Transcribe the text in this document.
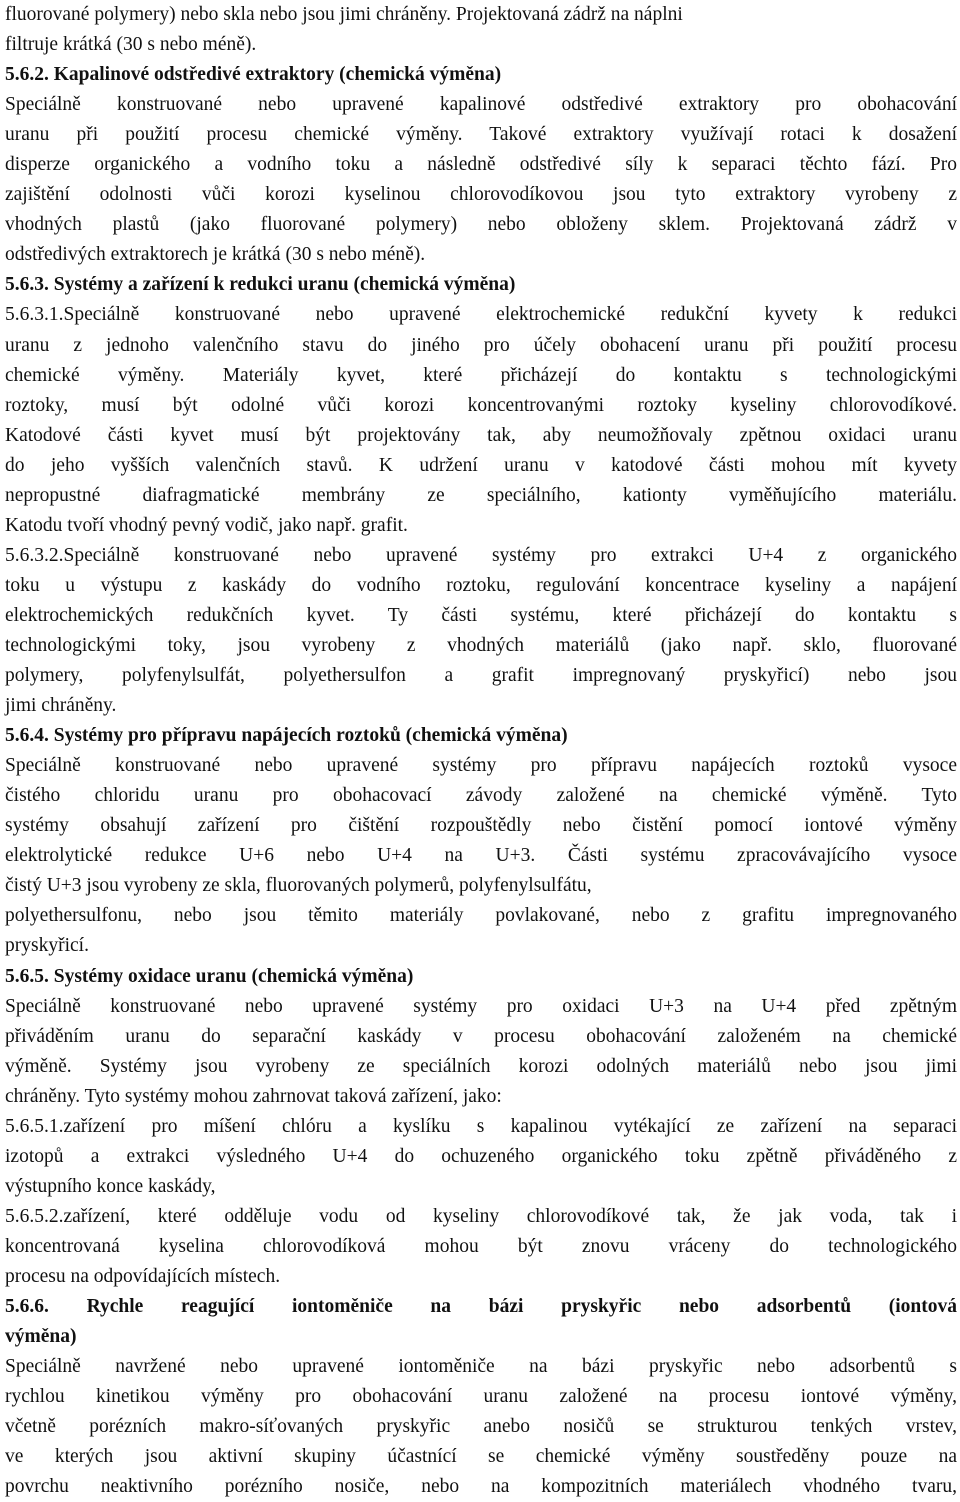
fluorované polymery) nebo skla nebo jsou jimi chráněny. Projektovaná zádrž na náplni
filtruje krátká (30 s nebo méně).
5.6.2. Kapalinové odstředivé extraktory (chemická výměna)
Speciálně konstruované nebo upravené kapalinové odstředivé extraktory pro obohacování
uranu při použití procesu chemické výměny. Takové extraktory využívají rotaci k dosažení
disperze organického a vodního toku a následně odstředivé síly k separaci těchto fází. Pro
zajištění odolnosti vůči korozi kyselinou chlorovodíkovou jsou tyto extraktory vyrobeny z
vhodných plastů (jako fluorované polymery) nebo obloženy sklem. Projektovaná zádrž v
odstředivých extraktorech je krátká (30 s nebo méně).
5.6.3. Systémy a zařízení k redukci uranu (chemická výměna)
5.6.3.1.Speciálně konstruované nebo upravené elektrochemické redukční kyvety k redukci
uranu z jednoho valenčního stavu do jiného pro účely obohacení uranu při použití procesu
chemické výměny. Materiály kyvet, které přicházejí do kontaktu s technologickými
roztoky, musí být odolné vůči korozi koncentrovanými roztoky kyseliny chlorovodíkové.
Katodové části kyvet musí být projektovány tak, aby neumožňovaly zpětnou oxidaci uranu
do jeho vyšších valenčních stavů. K udržení uranu v katodové části mohou mít kyvety
nepropustné diafragmatické membrány ze speciálního, kationty vyměňujícího materiálu.
Katodu tvoří vhodný pevný vodič, jako např. grafit.
5.6.3.2.Speciálně konstruované nebo upravené systémy pro extrakci U+4 z organického
toku u výstupu z kaskády do vodního roztoku, regulování koncentrace kyseliny a napájení
elektrochemických redukčních kyvet. Ty části systému, které přicházejí do kontaktu s
technologickými toky, jsou vyrobeny z vhodných materiálů (jako např. sklo, fluorované
polymery, polyfenylsulfát, polyethersulfon a grafit impregnovaný pryskyřicí) nebo jsou
jimi chráněny.
5.6.4. Systémy pro přípravu napájecích roztoků (chemická výměna)
Speciálně konstruované nebo upravené systémy pro přípravu napájecích roztoků vysoce
čistého chloridu uranu pro obohacovací závody založené na chemické výměně. Tyto
systémy obsahují zařízení pro čištění rozpouštědly nebo čistění pomocí iontové výměny
elektrolytické redukce U+6 nebo U+4 na U+3. Části systému zpracovávajícího vysoce
čistý U+3 jsou vyrobeny ze skla, fluorovaných polymerů, polyfenylsulfátu,
polyethersulfonu, nebo jsou těmito materiály povlakované, nebo z grafitu impregnovaného
pryskyřicí.
5.6.5. Systémy oxidace uranu (chemická výměna)
Speciálně konstruované nebo upravené systémy pro oxidaci U+3 na U+4 před zpětným
přiváděním uranu do separační kaskády v procesu obohacování založeném na chemické
výměně. Systémy jsou vyrobeny ze speciálních korozi odolných materiálů nebo jsou jimi
chráněny. Tyto systémy mohou zahrnovat taková zařízení, jako:
5.6.5.1.zařízení pro míšení chlóru a kyslíku s kapalinou vytékající ze zařízení na separaci
izotopů a extrakci výsledného U+4 do ochuzeného organického toku zpětně přiváděného z
výstupního konce kaskády,
5.6.5.2.zařízení, které odděluje vodu od kyseliny chlorovodíkové tak, že jak voda, tak i
koncentrovaná kyselina chlorovodíková mohou být znovu vráceny do technologického
procesu na odpovídajících místech.
5.6.6. Rychle reagující iontoměniče na bázi pryskyřic nebo adsorbentů (iontová
výměna)
Speciálně navržené nebo upravené iontoměniče na bázi pryskyřic nebo adsorbentů s
rychlou kinetikou výměny pro obohacování uranu založené na procesu iontové výměny,
včetně porézních makro-síťovaných pryskyřic anebo nosičů se strukturou tenkých vrstev,
ve kterých jsou aktivní skupiny účastnící se chemické výměny soustředěny pouze na
povrchu neaktivního porézního nosiče, nebo na kompozitních materiálech vhodného tvaru,
